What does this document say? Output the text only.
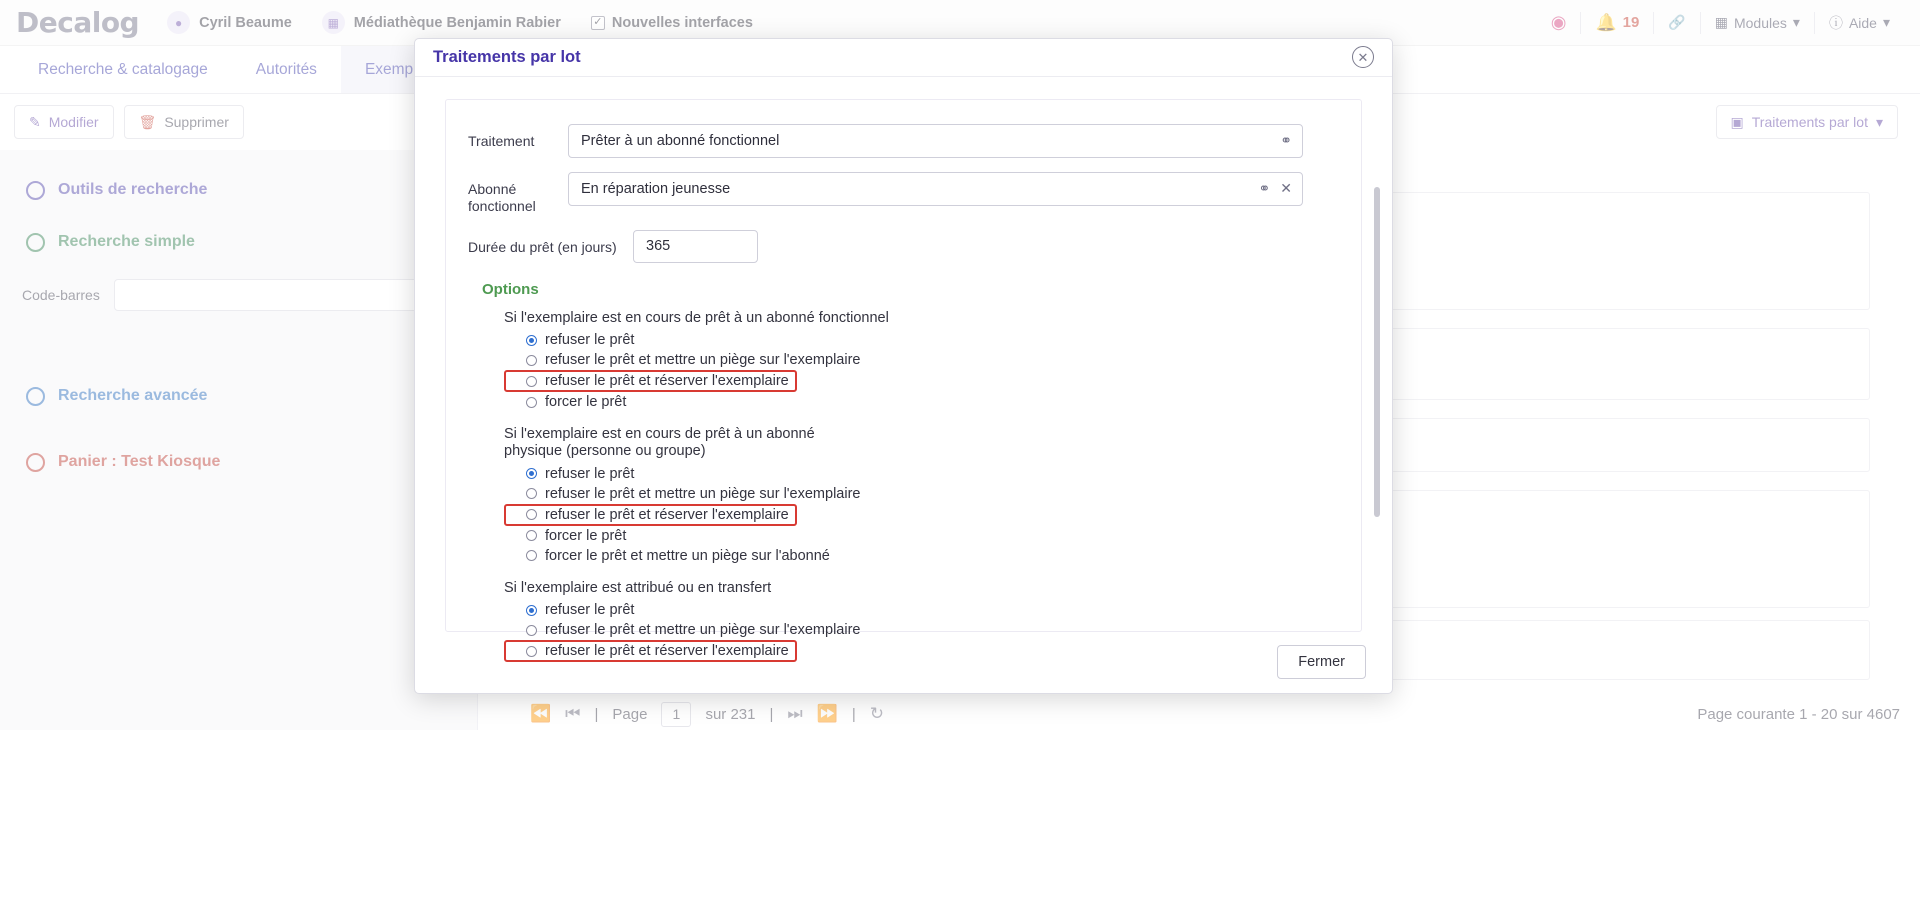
Traitements par lot	✕
Traitement	Prêter à un abonné fonctionnel	⚭
Abonné fonctionnel
En réparation jeunesse	⚭ ✕
Durée du prêt (en jours)	365
Options
Si l'exemplaire est en cours de prêt à un abonné fonctionnel
refuser le prêt
refuser le prêt et mettre un piège sur l'exemplaire
refuser le prêt et réserver l'exemplaire
forcer le prêt
Si l'exemplaire est en cours de prêt à un abonné physique (personne ou groupe)
refuser le prêt
refuser le prêt et mettre un piège sur l'exemplaire
refuser le prêt et réserver l'exemplaire
forcer le prêt
forcer le prêt et mettre un piège sur l'abonné
Si l'exemplaire est attribué ou en transfert
refuser le prêt
refuser le prêt et mettre un piège sur l'exemplaire
refuser le prêt et réserver l'exemplaire
Fermer
